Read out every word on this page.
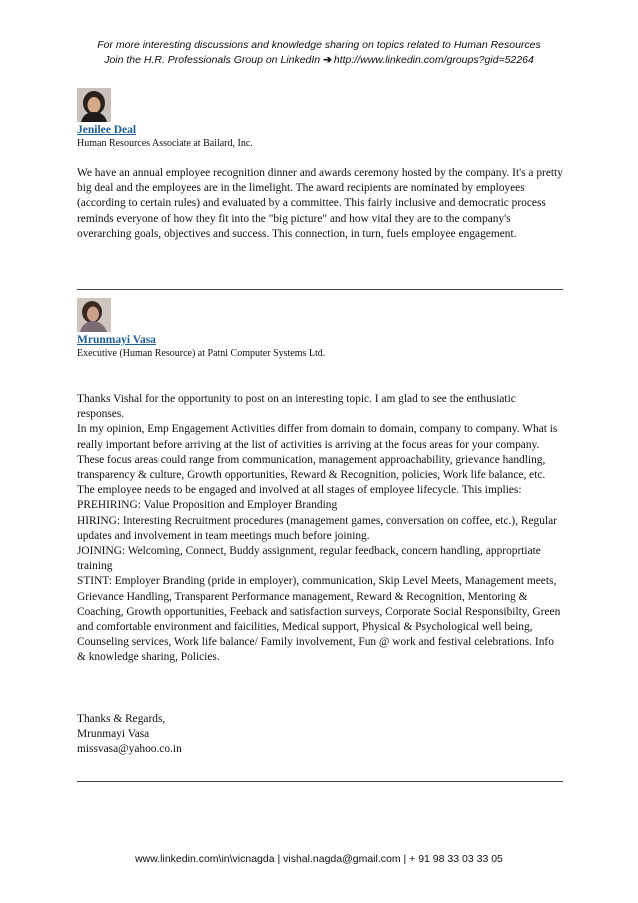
For more interesting discussions and knowledge sharing on topics related to Human Resources
Join the H.R. Professionals Group on LinkedIn ➔ http://www.linkedin.com/groups?gid=52264
Jenilee Deal
Human Resources Associate at Bailard, Inc.

We have an annual employee recognition dinner and awards ceremony hosted by the company. It's a pretty big deal and the employees are in the limelight. The award recipients are nominated by employees (according to certain rules) and evaluated by a committee. This fairly inclusive and democratic process reminds everyone of how they fit into the "big picture" and how vital they are to the company's overarching goals, objectives and success. This connection, in turn, fuels employee engagement.

Mrunmayi Vasa
Executive (Human Resource) at Patni Computer Systems Ltd.

Thanks Vishal for the opportunity to post on an interesting topic. I am glad to see the enthusiatic responses.

In my opinion, Emp Engagement Activities differ from domain to domain, company to company. What is really important before arriving at the list of activities is arriving at the focus areas for your company. These focus areas could range from communication, management approachability, grievance handling, transparency & culture, Growth opportunities, Reward & Recognition, policies, Work life balance, etc.

The employee needs to be engaged and involved at all stages of employee lifecycle. This implies:

PREHIRING: Value Proposition and Employer Branding

HIRING: Interesting Recruitment procedures (management games, conversation on coffee, etc.), Regular updates and involvement in team meetings much before joining.

JOINING: Welcoming, Connect, Buddy assignment, regular feedback, concern handling, approprtiate training

STINT: Employer Branding (pride in employer), communication, Skip Level Meets, Management meets, Grievance Handling, Transparent Performance management, Reward & Recognition, Mentoring & Coaching, Growth opportunities, Feeback and satisfaction surveys, Corporate Social Responsibilty, Green and comfortable environment and faicilities, Medical support, Physical & Psychological well being, Counseling services, Work life balance/ Family involvement, Fun @ work and festival celebrations. Info & knowledge sharing, Policies.

Thanks & Regards,

Mrunmayi Vasa

missvasa@yahoo.co.in

www.linkedin.com\in\vicnagda | vishal.nagda@gmail.com | + 91 98 33 03 33 05
